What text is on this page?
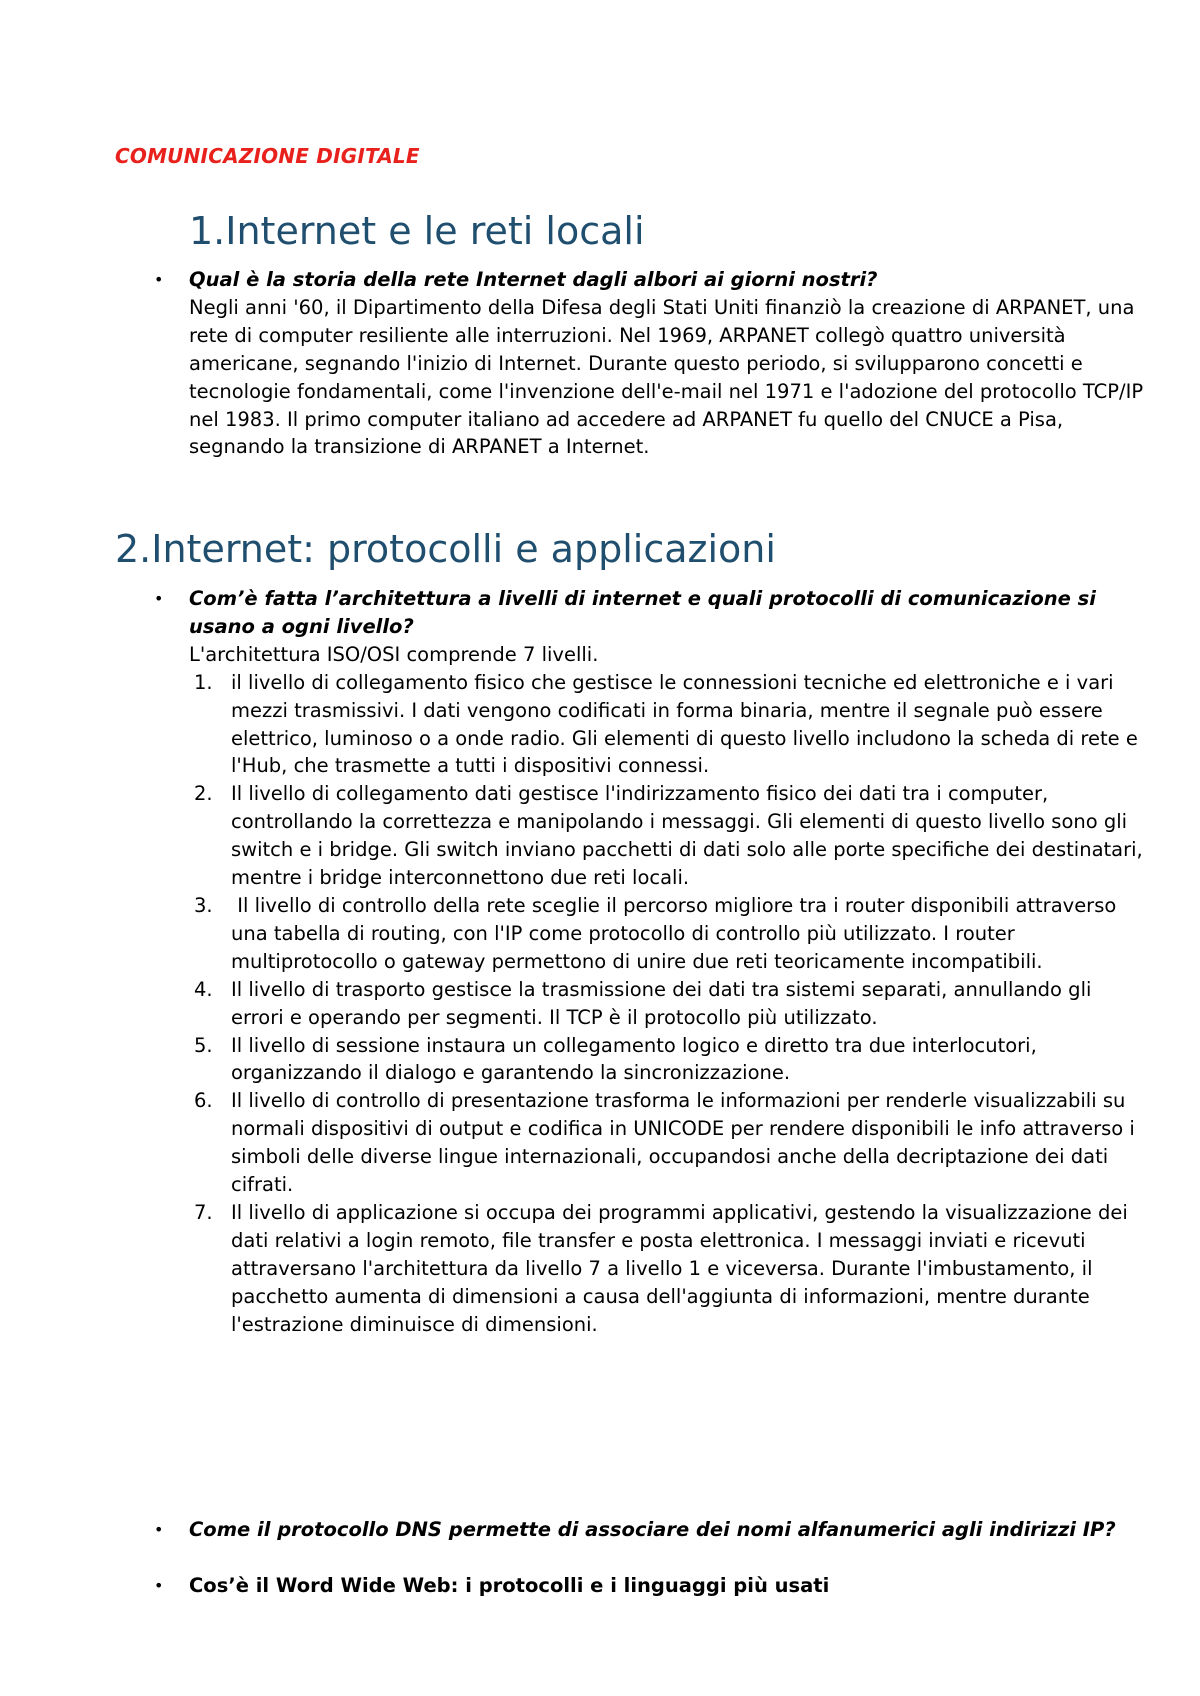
COMUNICAZIONE DIGITALE
1.Internet e le reti locali
• Qual è la storia della rete Internet dagli albori ai giorni nostri?
Negli anni '60, il Dipartimento della Difesa degli Stati Uniti finanziò la creazione di ARPANET, una rete di computer resiliente alle interruzioni. Nel 1969, ARPANET collegò quattro università americane, segnando l'inizio di Internet. Durante questo periodo, si svilupparono concetti e tecnologie fondamentali, come l'invenzione dell'e-mail nel 1971 e l'adozione del protocollo TCP/IP nel 1983. Il primo computer italiano ad accedere ad ARPANET fu quello del CNUCE a Pisa, segnando la transizione di ARPANET a Internet.
2.Internet: protocolli e applicazioni
• Com’è fatta l’architettura a livelli di internet e quali protocolli di comunicazione si usano a ogni livello?
L'architettura ISO/OSI comprende 7 livelli.
1. il livello di collegamento fisico che gestisce le connessioni tecniche ed elettroniche e i vari mezzi trasmissivi. I dati vengono codificati in forma binaria, mentre il segnale può essere elettrico, luminoso o a onde radio. Gli elementi di questo livello includono la scheda di rete e l'Hub, che trasmette a tutti i dispositivi connessi.
2. Il livello di collegamento dati gestisce l'indirizzamento fisico dei dati tra i computer, controllando la correttezza e manipolando i messaggi. Gli elementi di questo livello sono gli switch e i bridge. Gli switch inviano pacchetti di dati solo alle porte specifiche dei destinatari, mentre i bridge interconnettono due reti locali.
3. Il livello di controllo della rete sceglie il percorso migliore tra i router disponibili attraverso una tabella di routing, con l'IP come protocollo di controllo più utilizzato. I router multiprotocollo o gateway permettono di unire due reti teoricamente incompatibili.
4. Il livello di trasporto gestisce la trasmissione dei dati tra sistemi separati, annullando gli errori e operando per segmenti. Il TCP è il protocollo più utilizzato.
5. Il livello di sessione instaura un collegamento logico e diretto tra due interlocutori, organizzando il dialogo e garantendo la sincronizzazione.
6. Il livello di controllo di presentazione trasforma le informazioni per renderle visualizzabili su normali dispositivi di output e codifica in UNICODE per rendere disponibili le info attraverso i simboli delle diverse lingue internazionali, occupandosi anche della decriptazione dei dati cifrati.
7. Il livello di applicazione si occupa dei programmi applicativi, gestendo la visualizzazione dei dati relativi a login remoto, file transfer e posta elettronica. I messaggi inviati e ricevuti attraversano l'architettura da livello 7 a livello 1 e viceversa. Durante l'imbustamento, il pacchetto aumenta di dimensioni a causa dell'aggiunta di informazioni, mentre durante l'estrazione diminuisce di dimensioni.
• Come il protocollo DNS permette di associare dei nomi alfanumerici agli indirizzi IP?
• Cos’è il Word Wide Web: i protocolli e i linguaggi più usati
